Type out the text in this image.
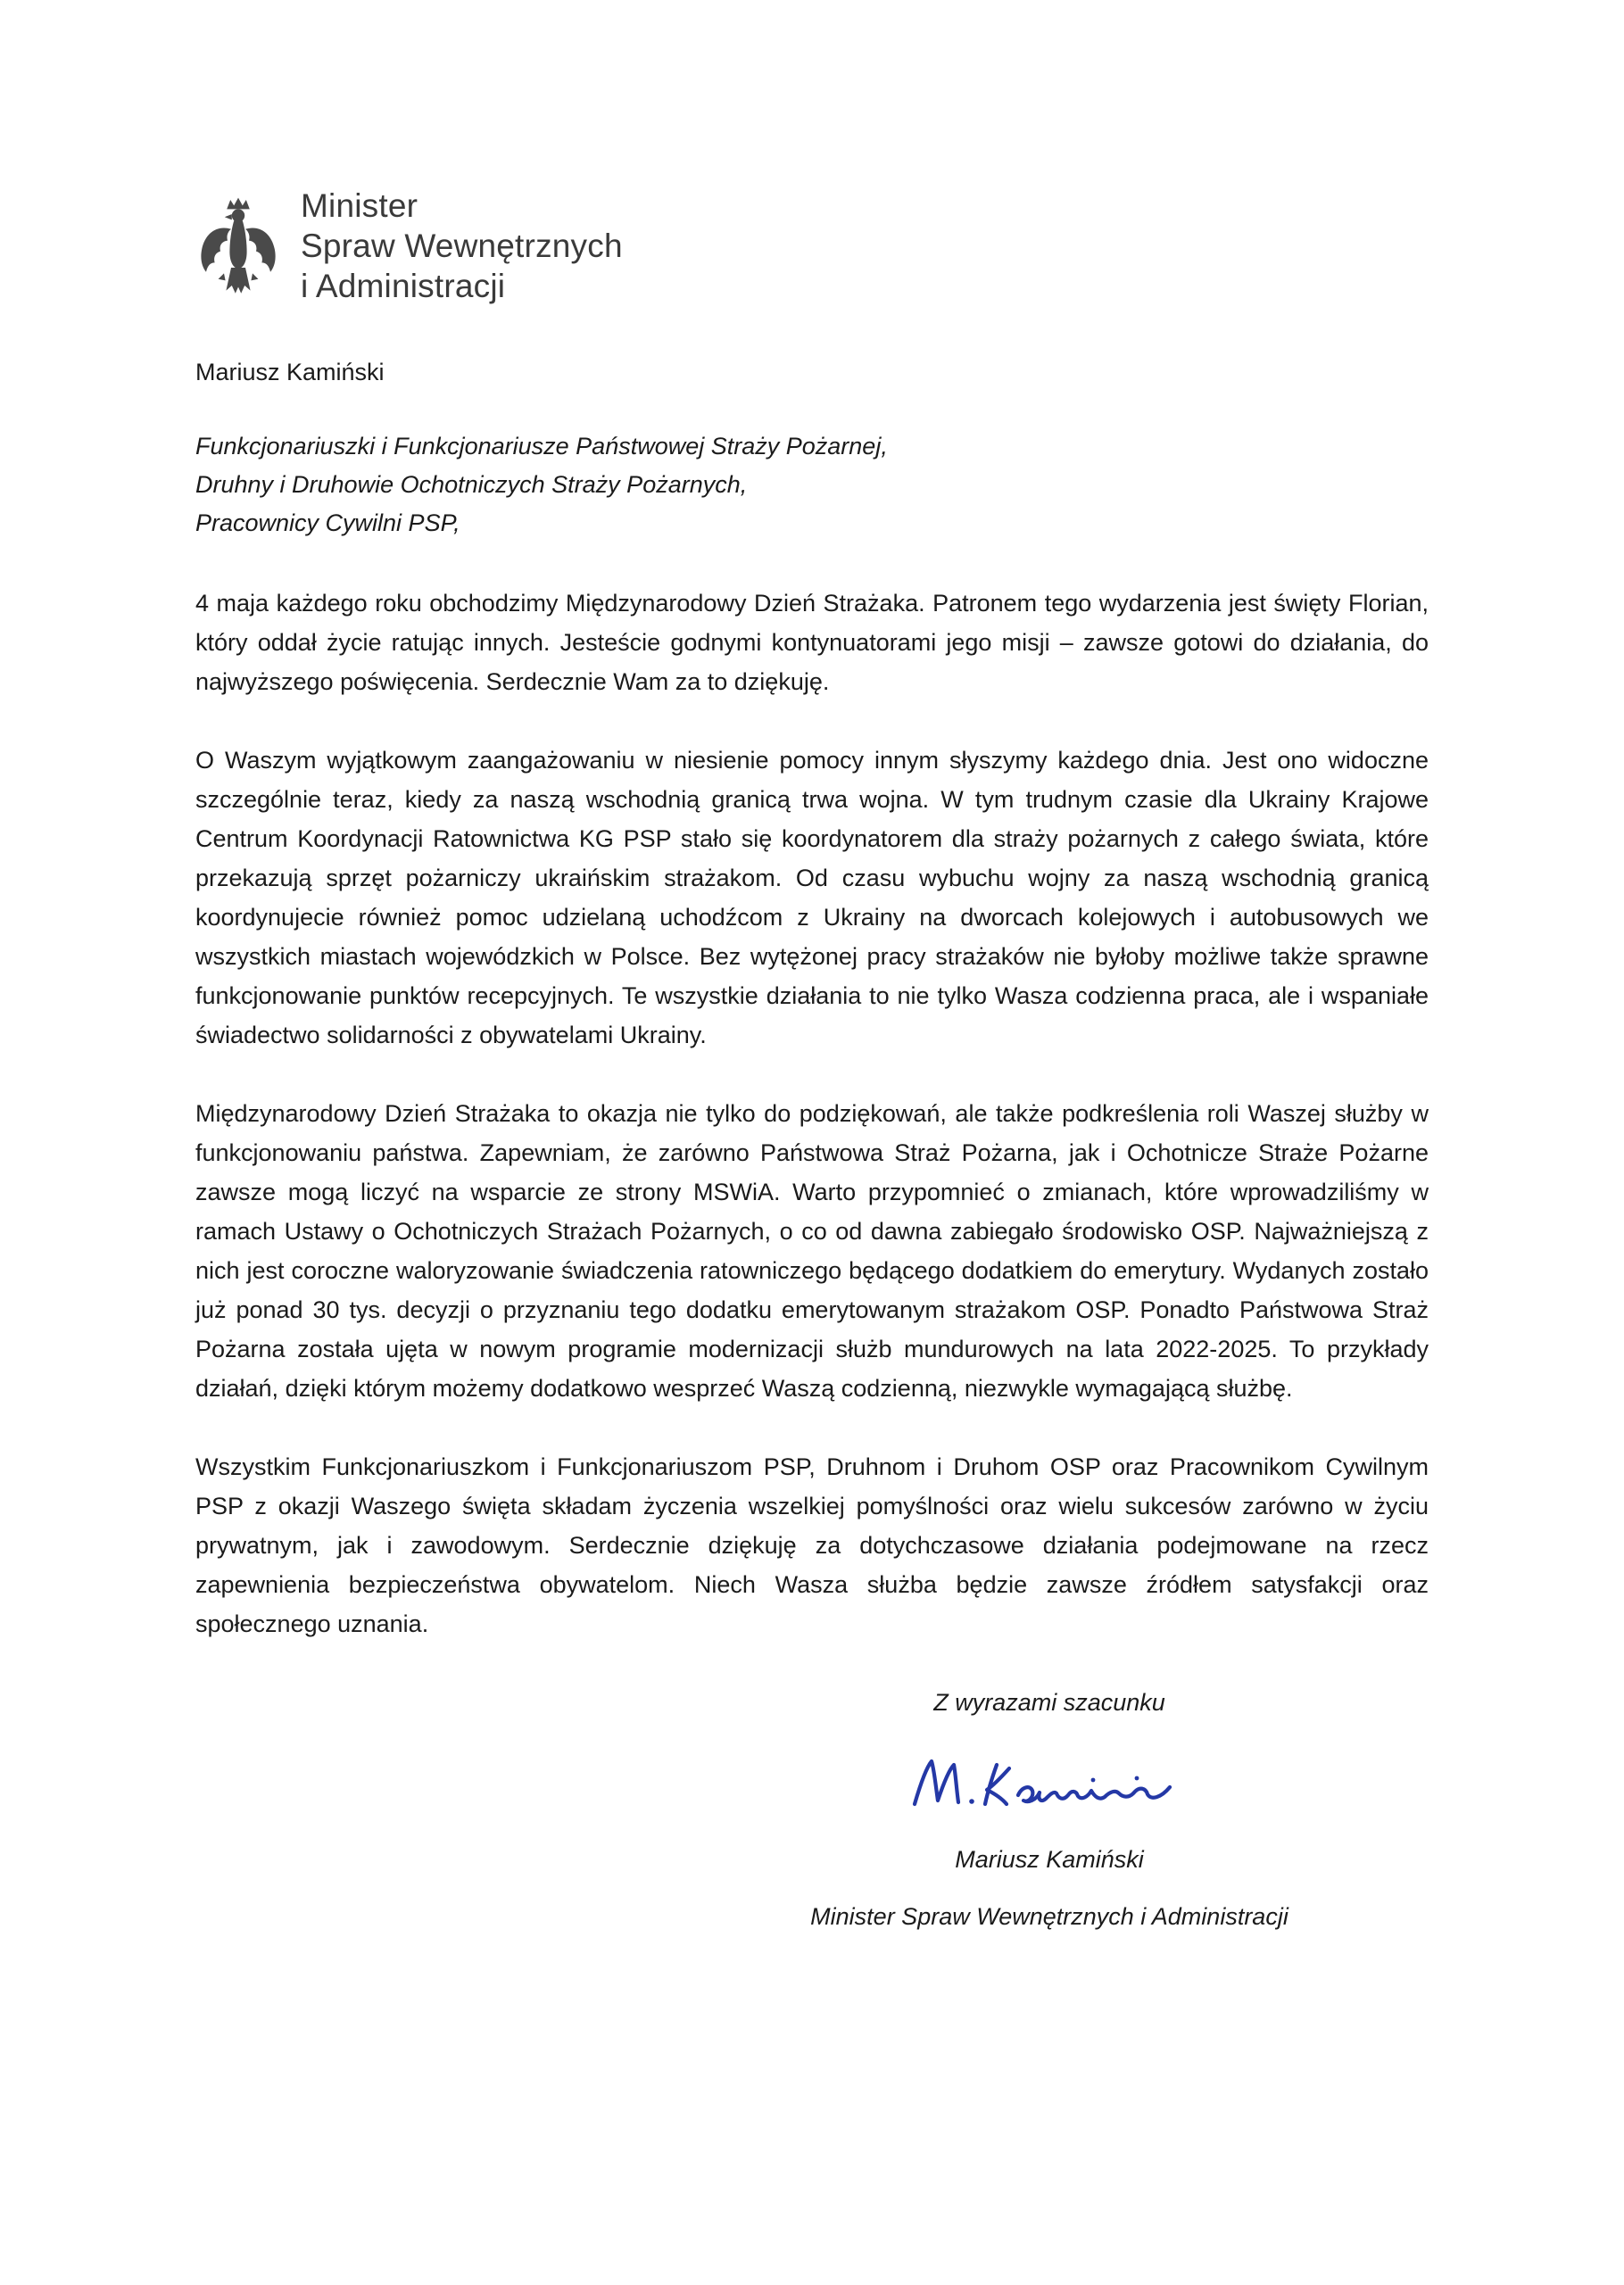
Minister
Spraw Wewnętrznych
i Administracji
Mariusz Kamiński
Funkcjonariuszki i Funkcjonariusze Państwowej Straży Pożarnej,
Druhny i Druhowie Ochotniczych Straży Pożarnych,
Pracownicy Cywilni PSP,
4 maja każdego roku obchodzimy Międzynarodowy Dzień Strażaka. Patronem tego wydarzenia jest święty Florian, który oddał życie ratując innych. Jesteście godnymi kontynuatorami jego misji – zawsze gotowi do działania, do najwyższego poświęcenia. Serdecznie Wam za to dziękuję.
O Waszym wyjątkowym zaangażowaniu w niesienie pomocy innym słyszymy każdego dnia. Jest ono widoczne szczególnie teraz, kiedy za naszą wschodnią granicą trwa wojna. W tym trudnym czasie dla Ukrainy Krajowe Centrum Koordynacji Ratownictwa KG PSP stało się koordynatorem dla straży pożarnych z całego świata, które przekazują sprzęt pożarniczy ukraińskim strażakom. Od czasu wybuchu wojny za naszą wschodnią granicą koordynujecie również pomoc udzielaną uchodźcom z Ukrainy na dworcach kolejowych i autobusowych we wszystkich miastach wojewódzkich w Polsce. Bez wytężonej pracy strażaków nie byłoby możliwe także sprawne funkcjonowanie punktów recepcyjnych. Te wszystkie działania to nie tylko Wasza codzienna praca, ale i wspaniałe świadectwo solidarności z obywatelami Ukrainy.
Międzynarodowy Dzień Strażaka to okazja nie tylko do podziękowań, ale także podkreślenia roli Waszej służby w funkcjonowaniu państwa. Zapewniam, że zarówno Państwowa Straż Pożarna, jak i Ochotnicze Straże Pożarne zawsze mogą liczyć na wsparcie ze strony MSWiA. Warto przypomnieć o zmianach, które wprowadziliśmy w ramach Ustawy o Ochotniczych Strażach Pożarnych, o co od dawna zabiegało środowisko OSP. Najważniejszą z nich jest coroczne waloryzowanie świadczenia ratowniczego będącego dodatkiem do emerytury. Wydanych zostało już ponad 30 tys. decyzji o przyznaniu tego dodatku emerytowanym strażakom OSP. Ponadto Państwowa Straż Pożarna została ujęta w nowym programie modernizacji służb mundurowych na lata 2022-2025. To przykłady działań, dzięki którym możemy dodatkowo wesprzeć Waszą codzienną, niezwykle wymagającą służbę.
Wszystkim Funkcjonariuszkom i Funkcjonariuszom PSP, Druhnom i Druhom OSP oraz Pracownikom Cywilnym PSP z okazji Waszego święta składam życzenia wszelkiej pomyślności oraz wielu sukcesów zarówno w życiu prywatnym, jak i zawodowym. Serdecznie dziękuję za dotychczasowe działania podejmowane na rzecz zapewnienia bezpieczeństwa obywatelom. Niech Wasza służba będzie zawsze źródłem satysfakcji oraz społecznego uznania.
Z wyrazami szacunku
Mariusz Kamiński
Minister Spraw Wewnętrznych i Administracji
